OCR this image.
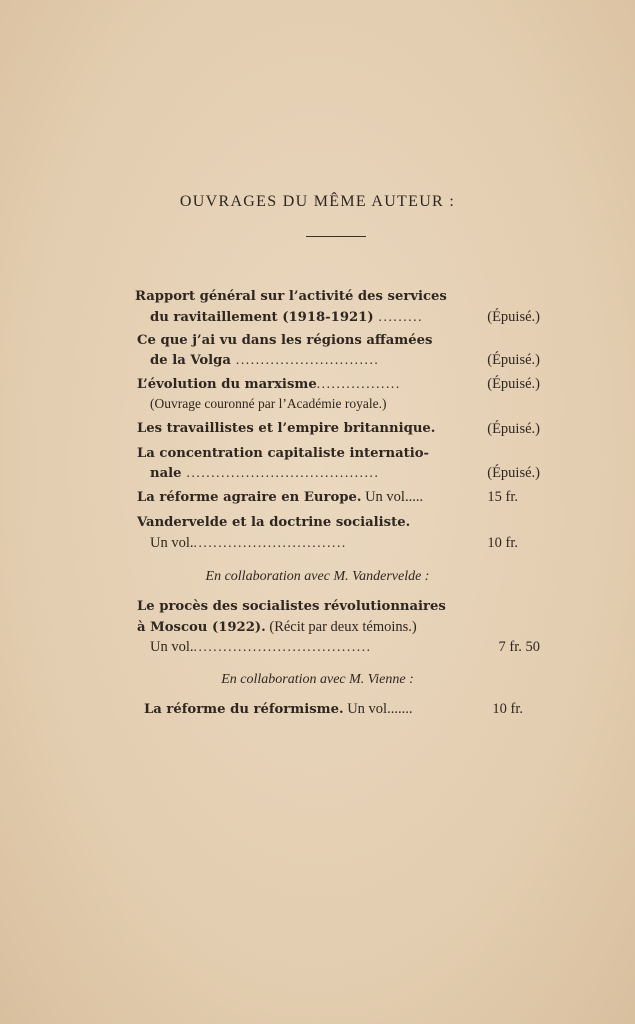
OUVRAGES DU MÊME AUTEUR :
Rapport général sur l’activité des services
du ravitaillement (1918-1921) .........	(Épuisé.)
Ce que j’ai vu dans les régions affamées
de la Volga .............................	(Épuisé.)
L’évolution du marxisme.................	(Épuisé.)
(Ouvrage couronné par l’Académie royale.)
Les travaillistes et l’empire britannique.	(Épuisé.)
La concentration capitaliste internatio-
nale .......................................	(Épuisé.)
La réforme agraire en Europe. Un vol.....	15 fr.
Vandervelde et la doctrine socialiste.
Un vol................................	10 fr.
En collaboration avec M. Vandervelde :
Le procès des socialistes révolutionnaires
à Moscou (1922). (Récit par deux témoins.)
Un vol.....................................	7 fr. 50
En collaboration avec M. Vienne :
La réforme du réformisme. Un vol.......	10 fr.
